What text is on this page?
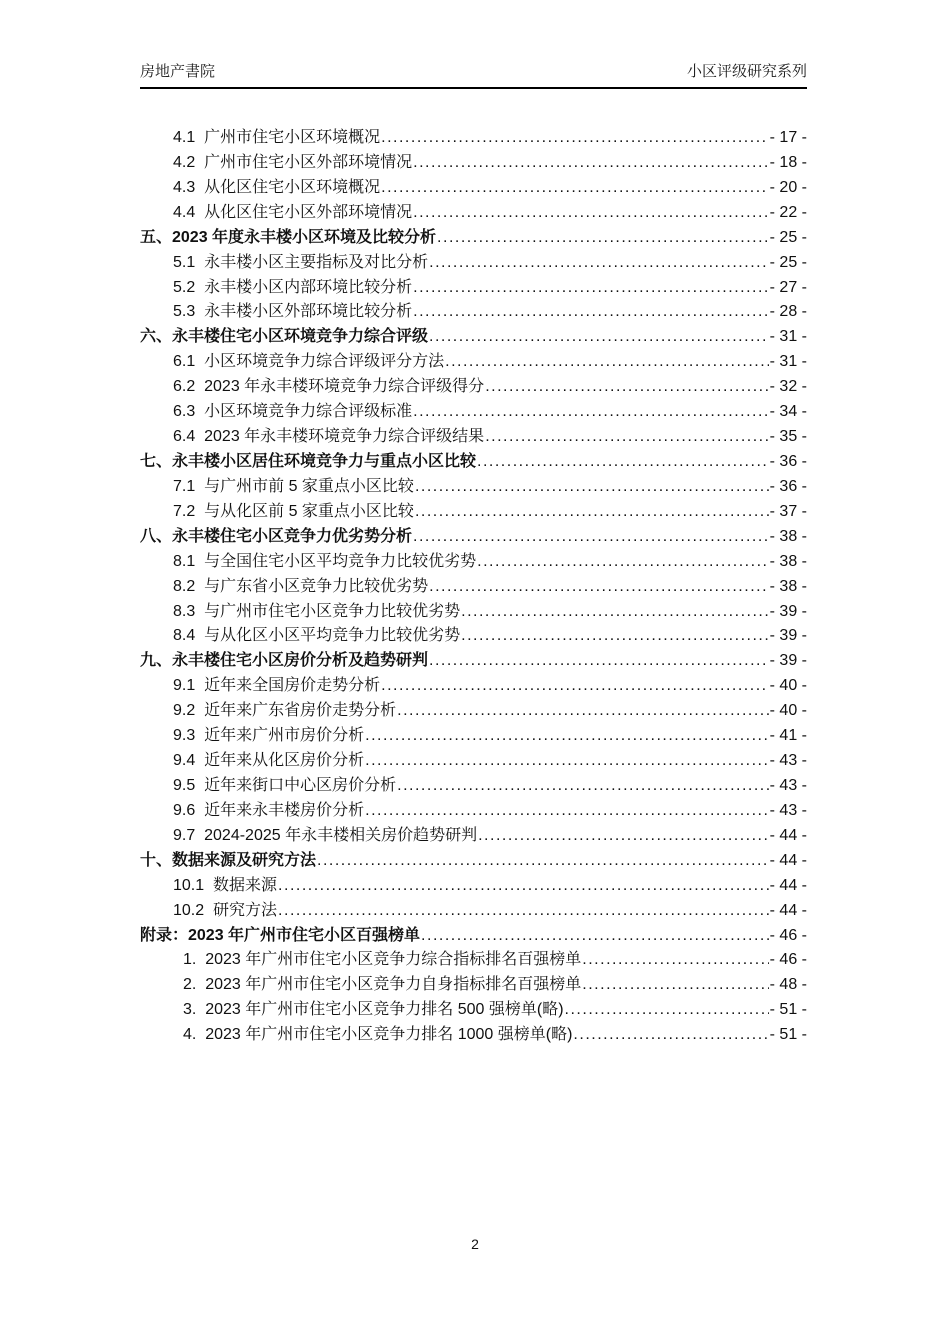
房地产書院	小区评级研究系列
4.1  广州市住宅小区环境概况 .....	- 17 -
4.2  广州市住宅小区外部环境情况 .....	- 18 -
4.3  从化区住宅小区环境概况 .....	- 20 -
4.4  从化区住宅小区外部环境情况 .....	- 22 -
五、2023 年度永丰楼小区环境及比较分析 .....	- 25 -
5.1  永丰楼小区主要指标及对比分析 .....	- 25 -
5.2  永丰楼小区内部环境比较分析 .....	- 27 -
5.3  永丰楼小区外部环境比较分析 .....	- 28 -
六、永丰楼住宅小区环境竞争力综合评级 .....	- 31 -
6.1  小区环境竞争力综合评级评分方法 .....	- 31 -
6.2  2023 年永丰楼环境竞争力综合评级得分 .....	- 32 -
6.3  小区环境竞争力综合评级标准 .....	- 34 -
6.4  2023 年永丰楼环境竞争力综合评级结果 .....	- 35 -
七、永丰楼小区居住环境竞争力与重点小区比较 .....	- 36 -
7.1  与广州市前 5 家重点小区比较 .....	- 36 -
7.2  与从化区前 5 家重点小区比较 .....	- 37 -
八、永丰楼住宅小区竞争力优劣势分析 .....	- 38 -
8.1  与全国住宅小区平均竞争力比较优劣势 .....	- 38 -
8.2  与广东省小区竞争力比较优劣势 .....	- 38 -
8.3  与广州市住宅小区竞争力比较优劣势 .....	- 39 -
8.4  与从化区小区平均竞争力比较优劣势 .....	- 39 -
九、永丰楼住宅小区房价分析及趋势研判 .....	- 39 -
9.1  近年来全国房价走势分析 .....	- 40 -
9.2  近年来广东省房价走势分析 .....	- 40 -
9.3  近年来广州市房价分析 .....	- 41 -
9.4  近年来从化区房价分析 .....	- 43 -
9.5  近年来街口中心区房价分析 .....	- 43 -
9.6  近年来永丰楼房价分析 .....	- 43 -
9.7  2024-2025 年永丰楼相关房价趋势研判 .....	- 44 -
十、数据来源及研究方法 .....	- 44 -
10.1  数据来源 .....	- 44 -
10.2  研究方法 .....	- 44 -
附录：2023 年广州市住宅小区百强榜单 .....	- 46 -
1.  2023 年广州市住宅小区竞争力综合指标排名百强榜单 .....	- 46 -
2.  2023 年广州市住宅小区竞争力自身指标排名百强榜单 .....	- 48 -
3.  2023 年广州市住宅小区竞争力排名 500 强榜单(略) .....	- 51 -
4.  2023 年广州市住宅小区竞争力排名 1000 强榜单(略) .....	- 51 -
2
